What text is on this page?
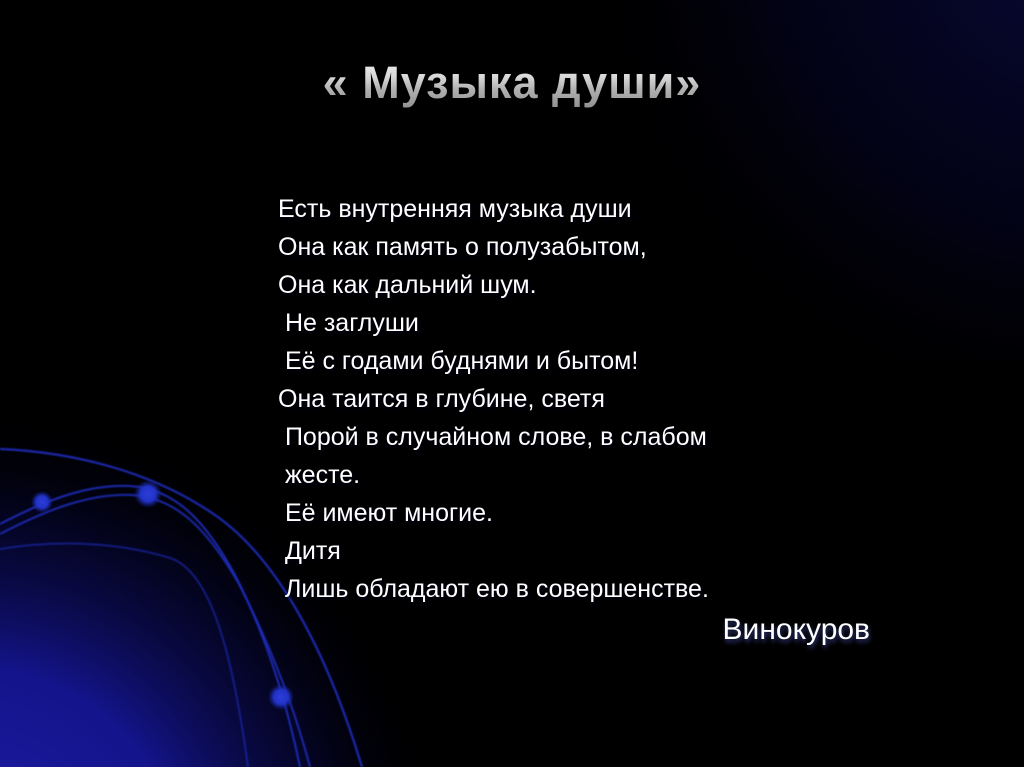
« Музыка души»
Есть внутренняя музыка души
Она как память о полузабытом,
Она как дальний шум.
Не заглуши
Её с годами буднями и бытом!
Она таится в глубине, светя
Порой в случайном слове, в слабом
жесте.
Её имеют многие.
Дитя
Лишь обладают ею в совершенстве.
Винокуров
